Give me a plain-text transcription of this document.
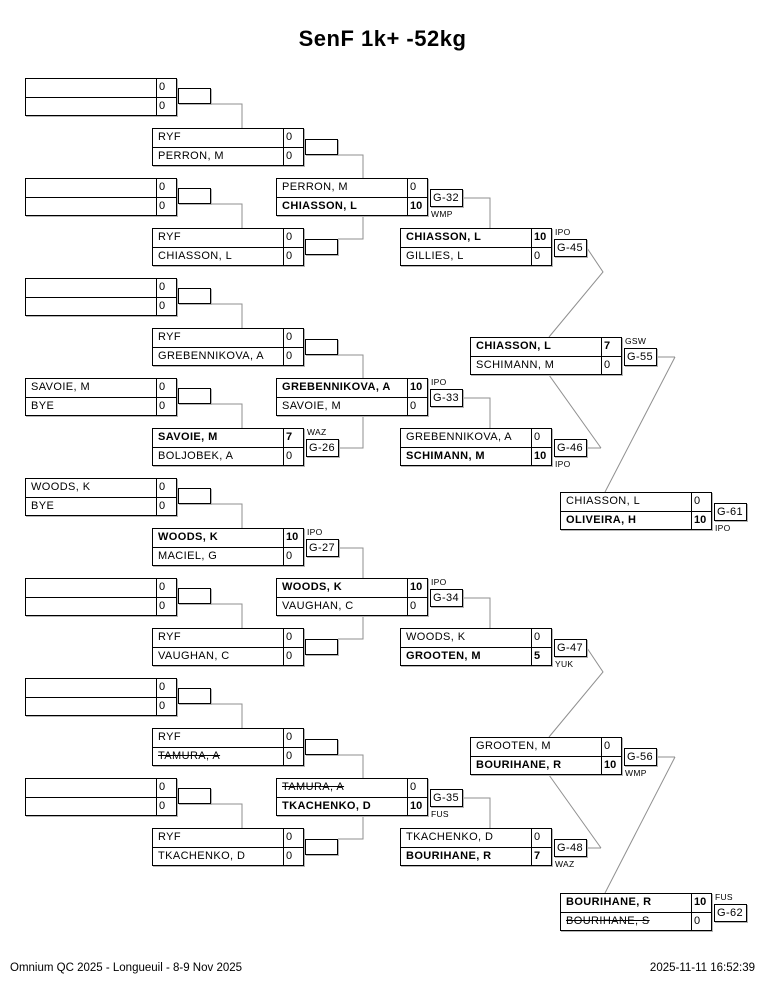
SenF 1k+ -52kg
Omnium QC 2025 - Longueuil - 8-9 Nov 2025	2025-11-11 16:52:39
0
0
0
0
0
0
SAVOIE, M	0
BYE	0
WOODS, K	0
BYE	0
0
0
0
0
0
0
RYF	0
PERRON, M	0
RYF	0
CHIASSON, L	0
RYF	0
GREBENNIKOVA, A	0
SAVOIE, M	7
BOLJOBEK, A	0
G-26
WAZ
WOODS, K	10
MACIEL, G	0
G-27
IPO
RYF	0
VAUGHAN, C	0
RYF	0
TAMURA, A	0
RYF	0
TKACHENKO, D	0
PERRON, M	0
CHIASSON, L	10
G-32
WMP
GREBENNIKOVA, A	10
SAVOIE, M	0
G-33
IPO
WOODS, K	10
VAUGHAN, C	0
G-34
IPO
TAMURA, A	0
TKACHENKO, D	10
G-35
FUS
CHIASSON, L	10
GILLIES, L	0
G-45
IPO
GREBENNIKOVA, A	0
SCHIMANN, M	10
G-46
IPO
WOODS, K	0
GROOTEN, M	5
G-47
YUK
TKACHENKO, D	0
BOURIHANE, R	7
G-48
WAZ
CHIASSON, L	7
SCHIMANN, M	0
G-55
GSW
GROOTEN, M	0
BOURIHANE, R	10
G-56
WMP
CHIASSON, L	0
OLIVEIRA, H	10
G-61
IPO
BOURIHANE, R	10
BOURIHANE, S	0
G-62
FUS
